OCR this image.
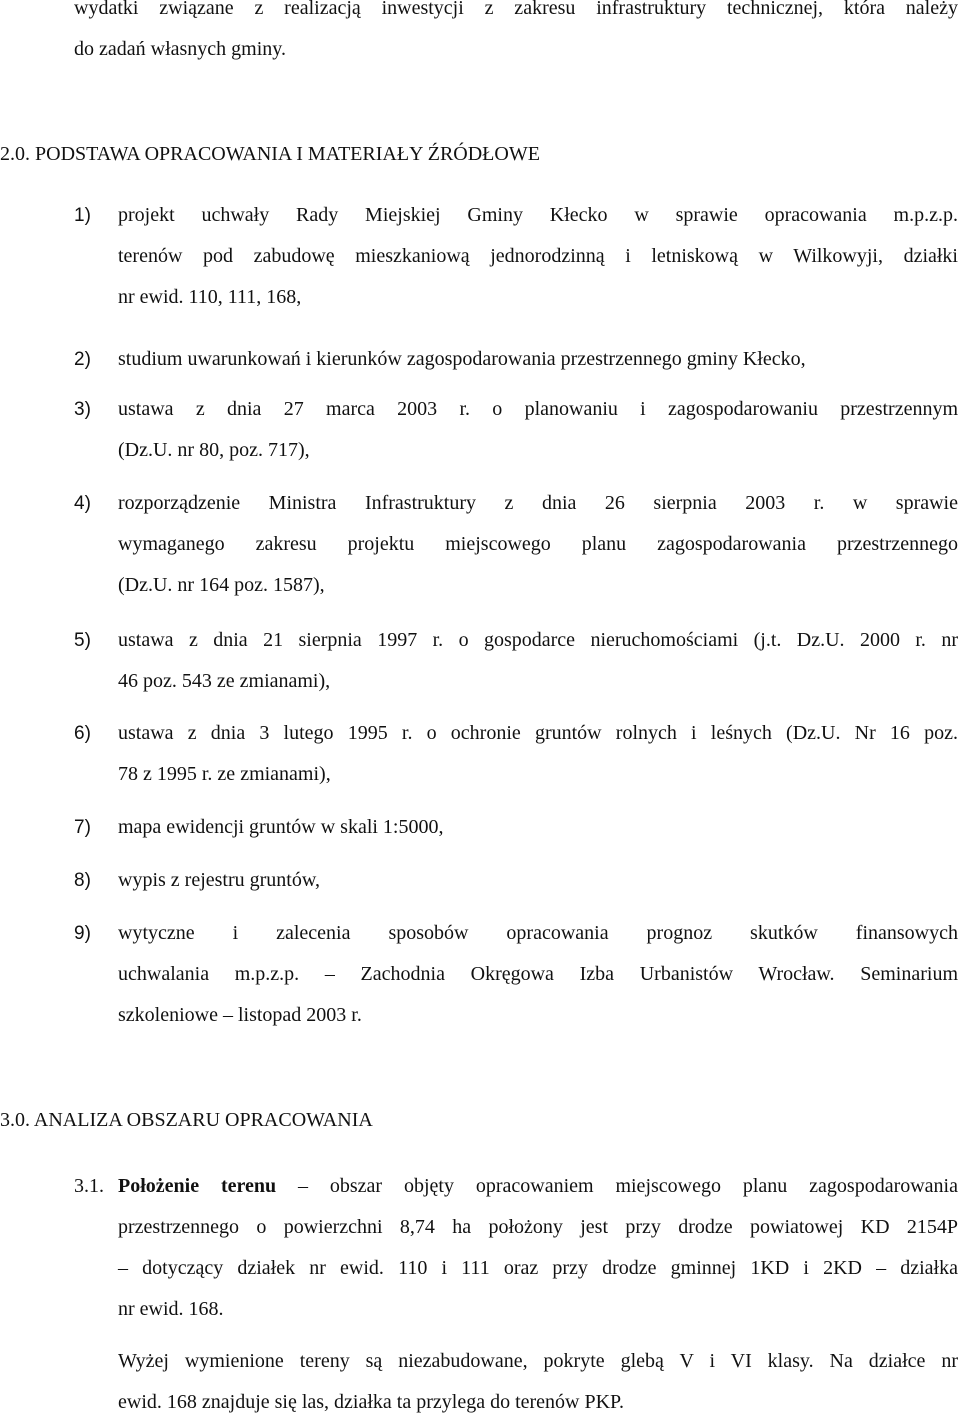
wydatki związane z realizacją inwestycji z zakresu infrastruktury technicznej, która należy
do zadań własnych gminy.
2.0. PODSTAWA OPRACOWANIA I MATERIAŁY ŹRÓDŁOWE
1) projekt uchwały Rady Miejskiej Gminy Kłecko w sprawie opracowania m.p.z.p.
terenów pod zabudowę mieszkaniową jednorodzinną i letniskową w Wilkowyji, działki
nr ewid. 110, 111, 168,
2) studium uwarunkowań i kierunków zagospodarowania przestrzennego gminy Kłecko,
3) ustawa z dnia 27 marca 2003 r. o planowaniu i zagospodarowaniu przestrzennym
(Dz.U. nr 80, poz. 717),
4) rozporządzenie Ministra Infrastruktury z dnia 26 sierpnia 2003 r. w sprawie
wymaganego zakresu projektu miejscowego planu zagospodarowania przestrzennego
(Dz.U. nr 164 poz. 1587),
5) ustawa z dnia 21 sierpnia 1997 r. o gospodarce nieruchomościami (j.t. Dz.U. 2000 r. nr
46 poz. 543 ze zmianami),
6) ustawa z dnia 3 lutego 1995 r. o ochronie gruntów rolnych i leśnych (Dz.U. Nr 16 poz.
78 z 1995 r. ze zmianami),
7) mapa ewidencji gruntów w skali 1:5000,
8) wypis z rejestru gruntów,
9) wytyczne i zalecenia sposobów opracowania prognoz skutków finansowych
uchwalania m.p.z.p. – Zachodnia Okręgowa Izba Urbanistów Wrocław. Seminarium
szkoleniowe – listopad 2003 r.
3.0. ANALIZA OBSZARU OPRACOWANIA
3.1. Położenie terenu – obszar objęty opracowaniem miejscowego planu zagospodarowania
przestrzennego o powierzchni 8,74 ha położony jest przy drodze powiatowej KD 2154P
– dotyczący działek nr ewid. 110 i 111 oraz przy drodze gminnej 1KD i 2KD – działka
nr ewid. 168.
Wyżej wymienione tereny są niezabudowane, pokryte glebą V i VI klasy. Na działce nr
ewid. 168 znajduje się las, działka ta przylega do terenów PKP.
